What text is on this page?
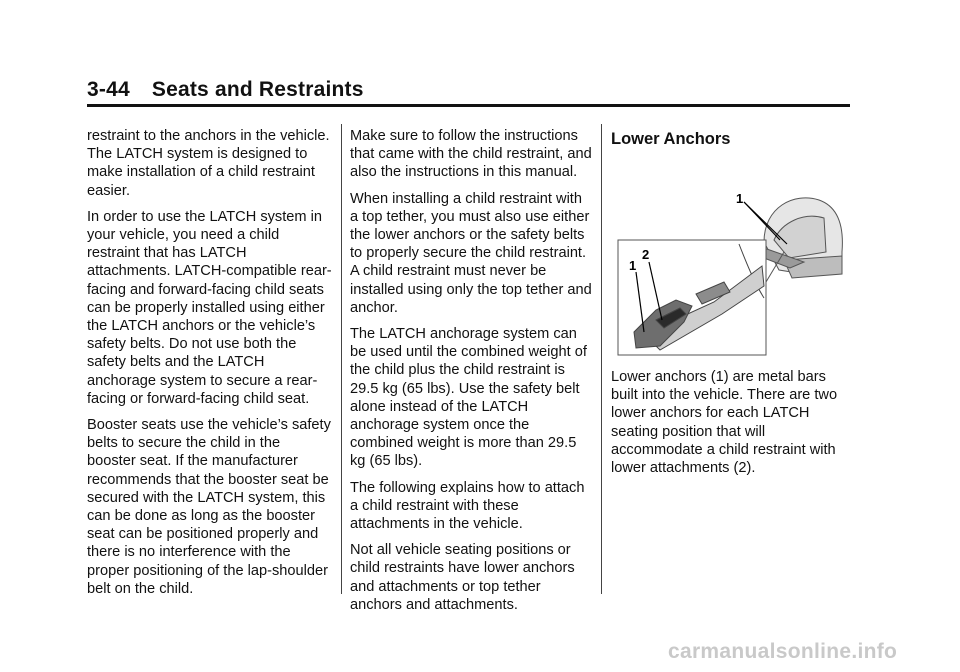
3-44 Seats and Restraints

restraint to the anchors in the vehicle. The LATCH system is designed to make installation of a child restraint easier.

In order to use the LATCH system in your vehicle, you need a child restraint that has LATCH attachments. LATCH-compatible rear-facing and forward-facing child seats can be properly installed using either the LATCH anchors or the vehicle’s safety belts. Do not use both the safety belts and the LATCH anchorage system to secure a rear-facing or forward-facing child seat.

Booster seats use the vehicle’s safety belts to secure the child in the booster seat. If the manufacturer recommends that the booster seat be secured with the LATCH system, this can be done as long as the booster seat can be positioned properly and there is no interference with the proper positioning of the lap-shoulder belt on the child.

Make sure to follow the instructions that came with the child restraint, and also the instructions in this manual.

When installing a child restraint with a top tether, you must also use either the lower anchors or the safety belts to properly secure the child restraint. A child restraint must never be installed using only the top tether and anchor.

The LATCH anchorage system can be used until the combined weight of the child plus the child restraint is 29.5 kg (65 lbs). Use the safety belt alone instead of the LATCH anchorage system once the combined weight is more than 29.5 kg (65 lbs).

The following explains how to attach a child restraint with these attachments in the vehicle.

Not all vehicle seating positions or child restraints have lower anchors and attachments or top tether anchors and attachments.

Lower Anchors
1
1
2

Lower anchors (1) are metal bars built into the vehicle. There are two lower anchors for each LATCH seating position that will accommodate a child restraint with lower attachments (2).

carmanualsonline.info
